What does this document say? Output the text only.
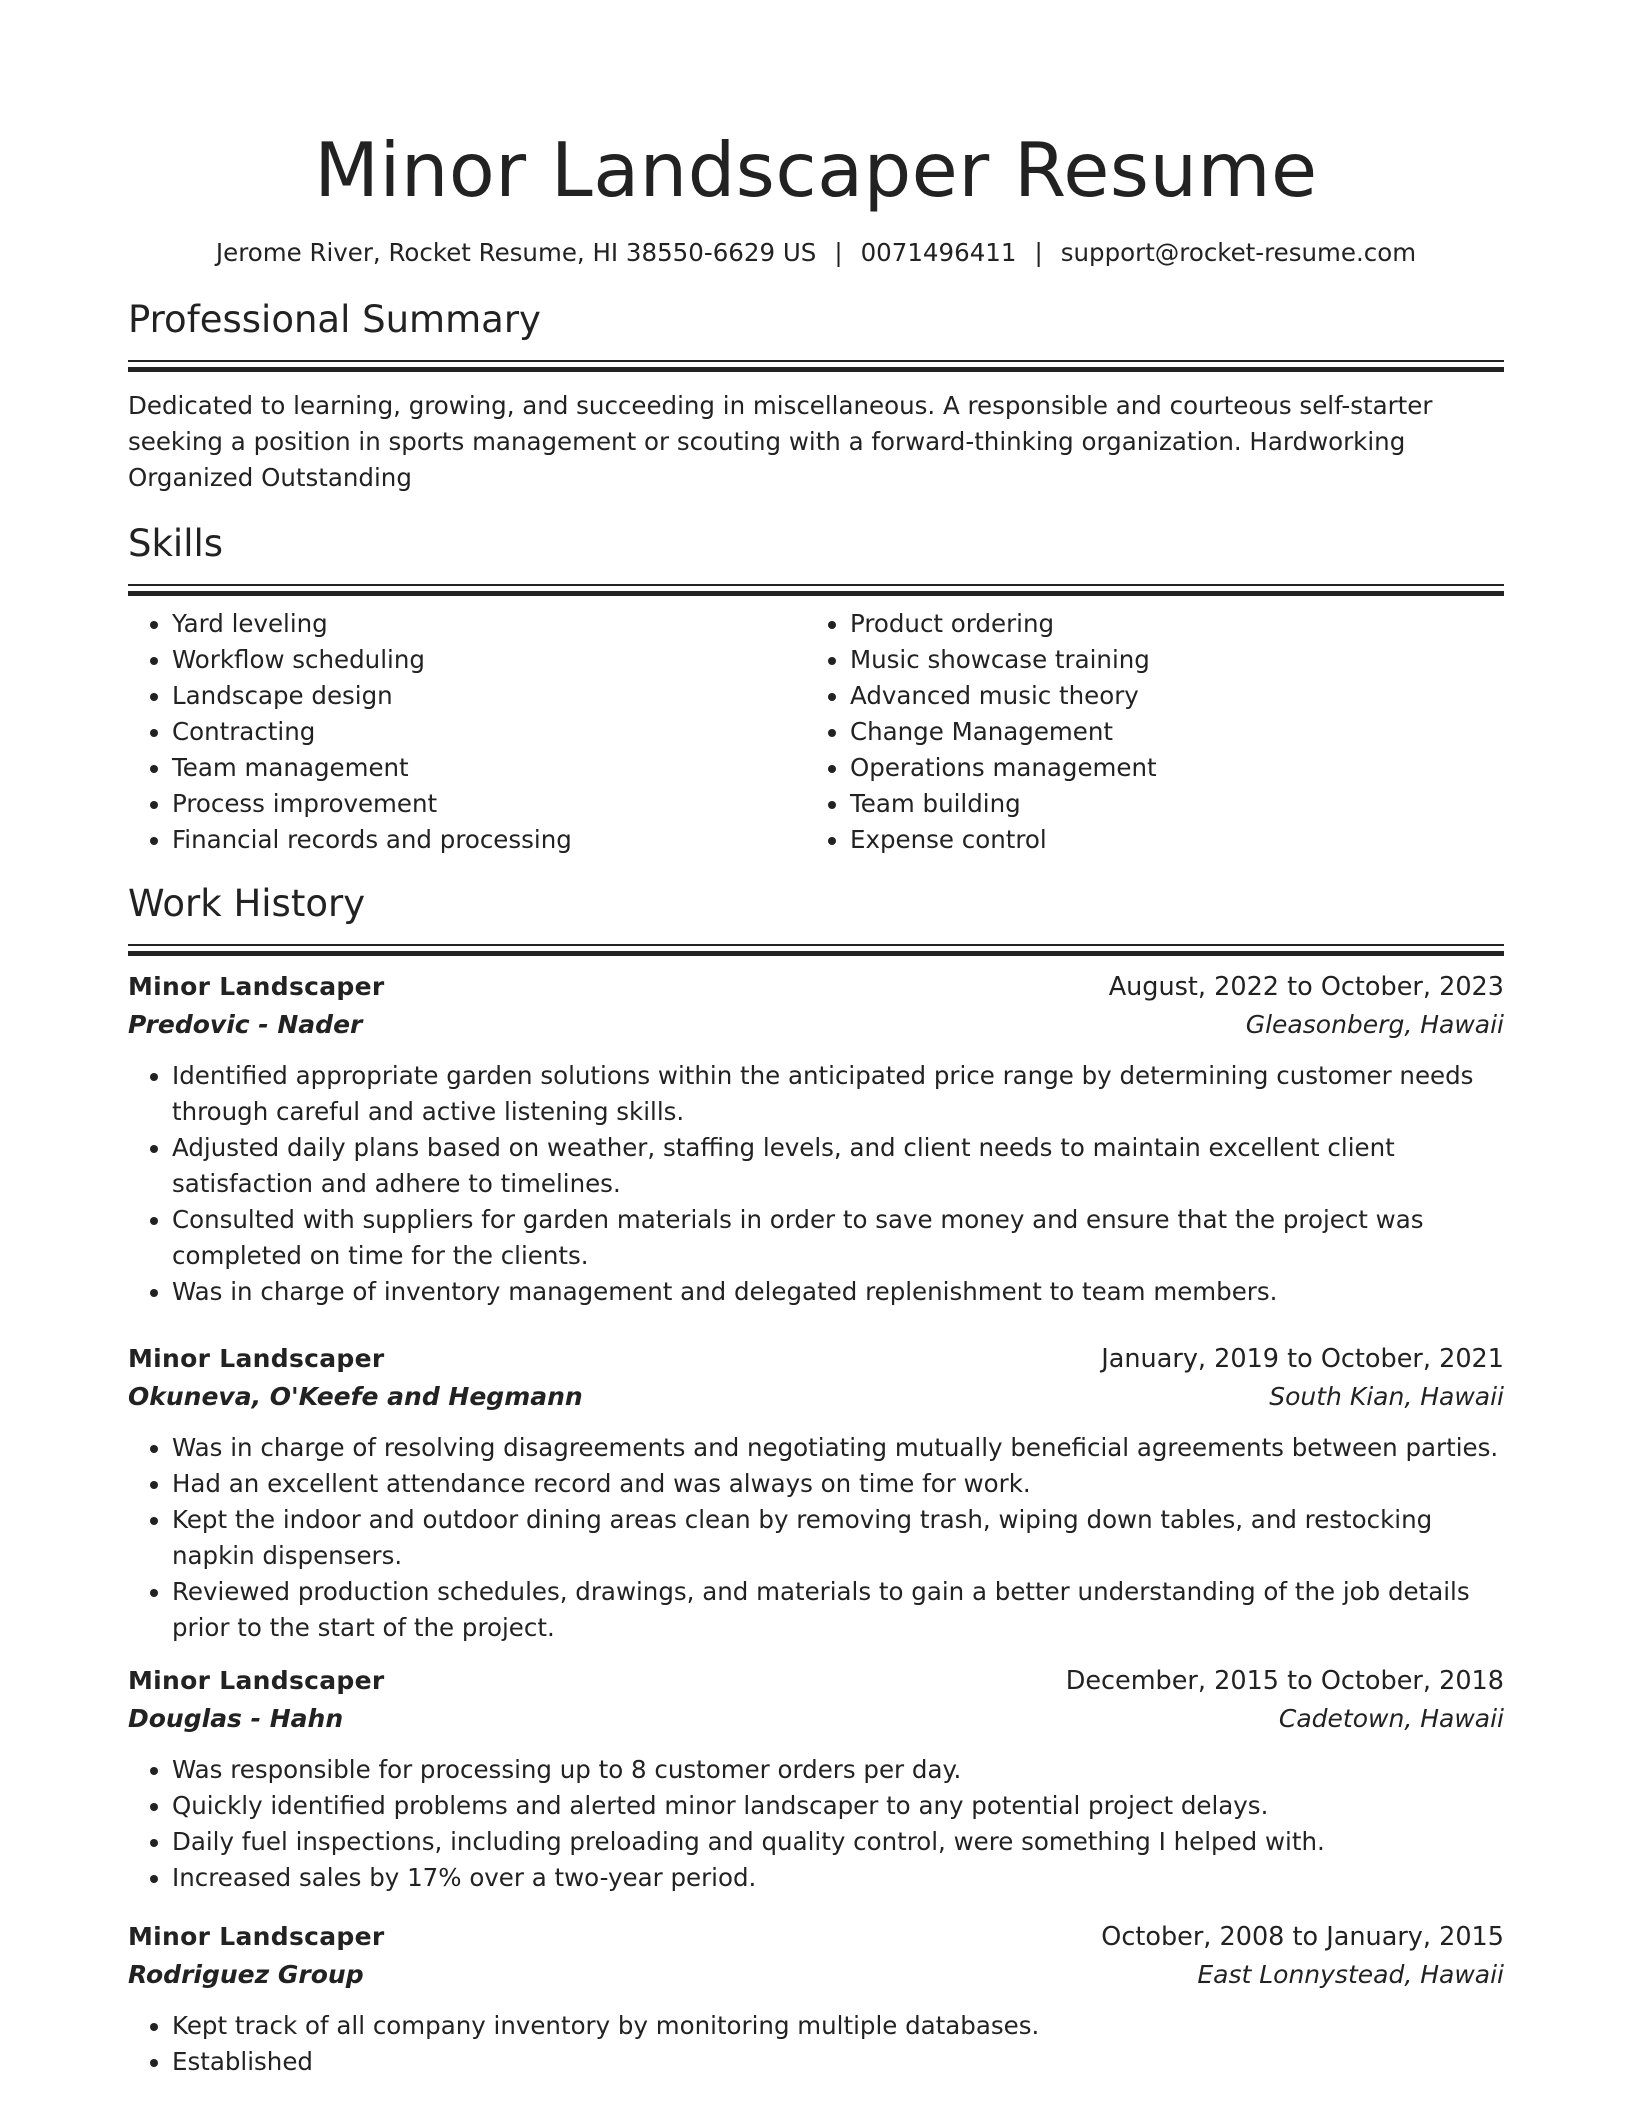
Minor Landscaper Resume
Jerome River, Rocket Resume, HI 38550-6629 US | 0071496411 | support@rocket-resume.com
Professional Summary

Dedicated to learning, growing, and succeeding in miscellaneous. A responsible and courteous self-starter seeking a position in sports management or scouting with a forward-thinking organization. Hardworking Organized Outstanding

Skills
• Yard leveling
• Workflow scheduling
• Landscape design
• Contracting
• Team management
• Process improvement
• Financial records and processing
• Product ordering
• Music showcase training
• Advanced music theory
• Change Management
• Operations management
• Team building
• Expense control
Work History
Minor Landscaper	August, 2022 to October, 2023
Predovic - Nader	Gleasonberg, Hawaii
• Identified appropriate garden solutions within the anticipated price range by determining customer needs through careful and active listening skills.
• Adjusted daily plans based on weather, staffing levels, and client needs to maintain excellent client satisfaction and adhere to timelines.
• Consulted with suppliers for garden materials in order to save money and ensure that the project was completed on time for the clients.
• Was in charge of inventory management and delegated replenishment to team members.
Minor Landscaper	January, 2019 to October, 2021
Okuneva, O'Keefe and Hegmann	South Kian, Hawaii
• Was in charge of resolving disagreements and negotiating mutually beneficial agreements between parties.
• Had an excellent attendance record and was always on time for work.
• Kept the indoor and outdoor dining areas clean by removing trash, wiping down tables, and restocking napkin dispensers.
• Reviewed production schedules, drawings, and materials to gain a better understanding of the job details prior to the start of the project.
Minor Landscaper	December, 2015 to October, 2018
Douglas - Hahn	Cadetown, Hawaii
• Was responsible for processing up to 8 customer orders per day.
• Quickly identified problems and alerted minor landscaper to any potential project delays.
• Daily fuel inspections, including preloading and quality control, were something I helped with.
• Increased sales by 17% over a two-year period.
Minor Landscaper	October, 2008 to January, 2015
Rodriguez Group	East Lonnystead, Hawaii
• Kept track of all company inventory by monitoring multiple databases.
• Established
